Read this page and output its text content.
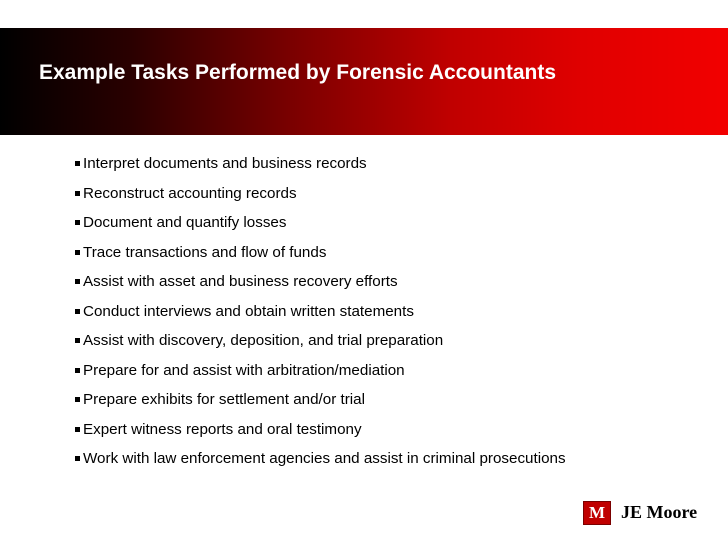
Example Tasks Performed by Forensic Accountants
Interpret documents and business records
Reconstruct accounting records
Document and quantify losses
Trace transactions and flow of funds
Assist with asset and business recovery efforts
Conduct interviews and obtain written statements
Assist with discovery, deposition, and trial preparation
Prepare for and assist with arbitration/mediation
Prepare exhibits for settlement and/or trial
Expert witness reports and oral testimony
Work with law enforcement agencies and assist in criminal prosecutions
M JE Moore
